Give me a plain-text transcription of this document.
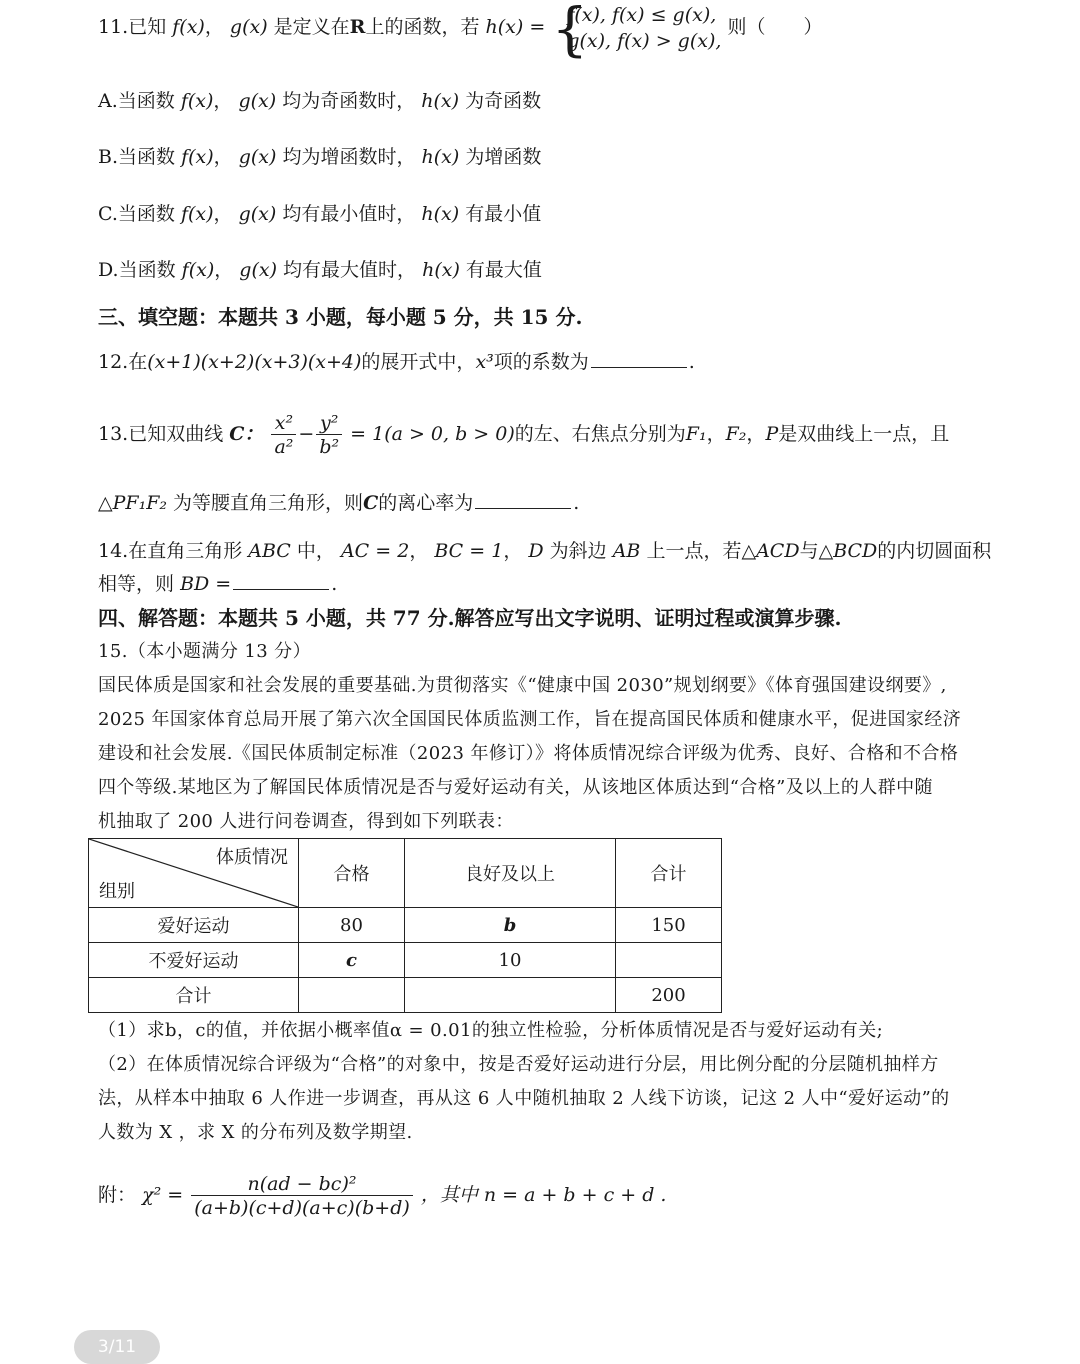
11.已知 f(x)， g(x) 是定义在R上的函数，若 h(x) = {
f(x), f(x) ≤ g(x),
g(x), f(x) > g(x),
则（　　）
A.当函数 f(x)， g(x) 均为奇函数时， h(x) 为奇函数
B.当函数 f(x)， g(x) 均为增函数时， h(x) 为增函数
C.当函数 f(x)， g(x) 均有最小值时， h(x) 有最小值
D.当函数 f(x)， g(x) 均有最大值时， h(x) 有最大值
三、填空题：本题共 3 小题，每小题 5 分，共 15 分.
12.在(x+1)(x+2)(x+3)(x+4)的展开式中，x³项的系数为	.
13.已知双曲线 C： $\frac{\text{x²}}{\text{a²}} - \frac{\text{y²}}{\text{b²}} = 1(a > 0$, b > 0)的左、右焦点分别为F₁，F₂，P是双曲线上一点，且
△PF₁F₂ 为等腰直角三角形，则C的离心率为	.
14.在直角三角形 ABC 中， AC = 2， BC = 1， D 为斜边 AB 上一点，若△ACD与△BCD的内切圆面积
相等，则 BD =	.
四、解答题：本题共 5 小题，共 77 分.解答应写出文字说明、证明过程或演算步骤.
15.（本小题满分 13 分）
国民体质是国家和社会发展的重要基础.为贯彻落实《“健康中国 2030”规划纲要》《体育强国建设纲要》,
2025 年国家体育总局开展了第六次全国国民体质监测工作，旨在提高国民体质和健康水平，促进国家经济
建设和社会发展.《国民体质制定标准（2023 年修订）》将体质情况综合评级为优秀、良好、合格和不合格
四个等级.某地区为了解国民体质情况是否与爱好运动有关，从该地区体质达到“合格”及以上的人群中随
机抽取了 200 人进行问卷调查，得到如下列联表：
体质情况
组别	合格	良好及以上	合计
爱好运动	80	b	150
不爱好运动	c	10	
合计			200
（1）求b，c的值，并依据小概率值α = 0.01的独立性检验，分析体质情况是否与爱好运动有关;
（2）在体质情况综合评级为“合格”的对象中，按是否爱好运动进行分层，用比例分配的分层随机抽样方
法，从样本中抽取 6 人作进一步调查，再从这 6 人中随机抽取 2 人线下访谈，记这 2 人中“爱好运动”的
人数为 X ，求 X 的分布列及数学期望.
附： $\chi^2 = \frac{\text{n(ad − bc)²}}{(a+b)(c+d)(a+c)(b+d)}$ ，其中 n = a + b + c + d .
3/11
